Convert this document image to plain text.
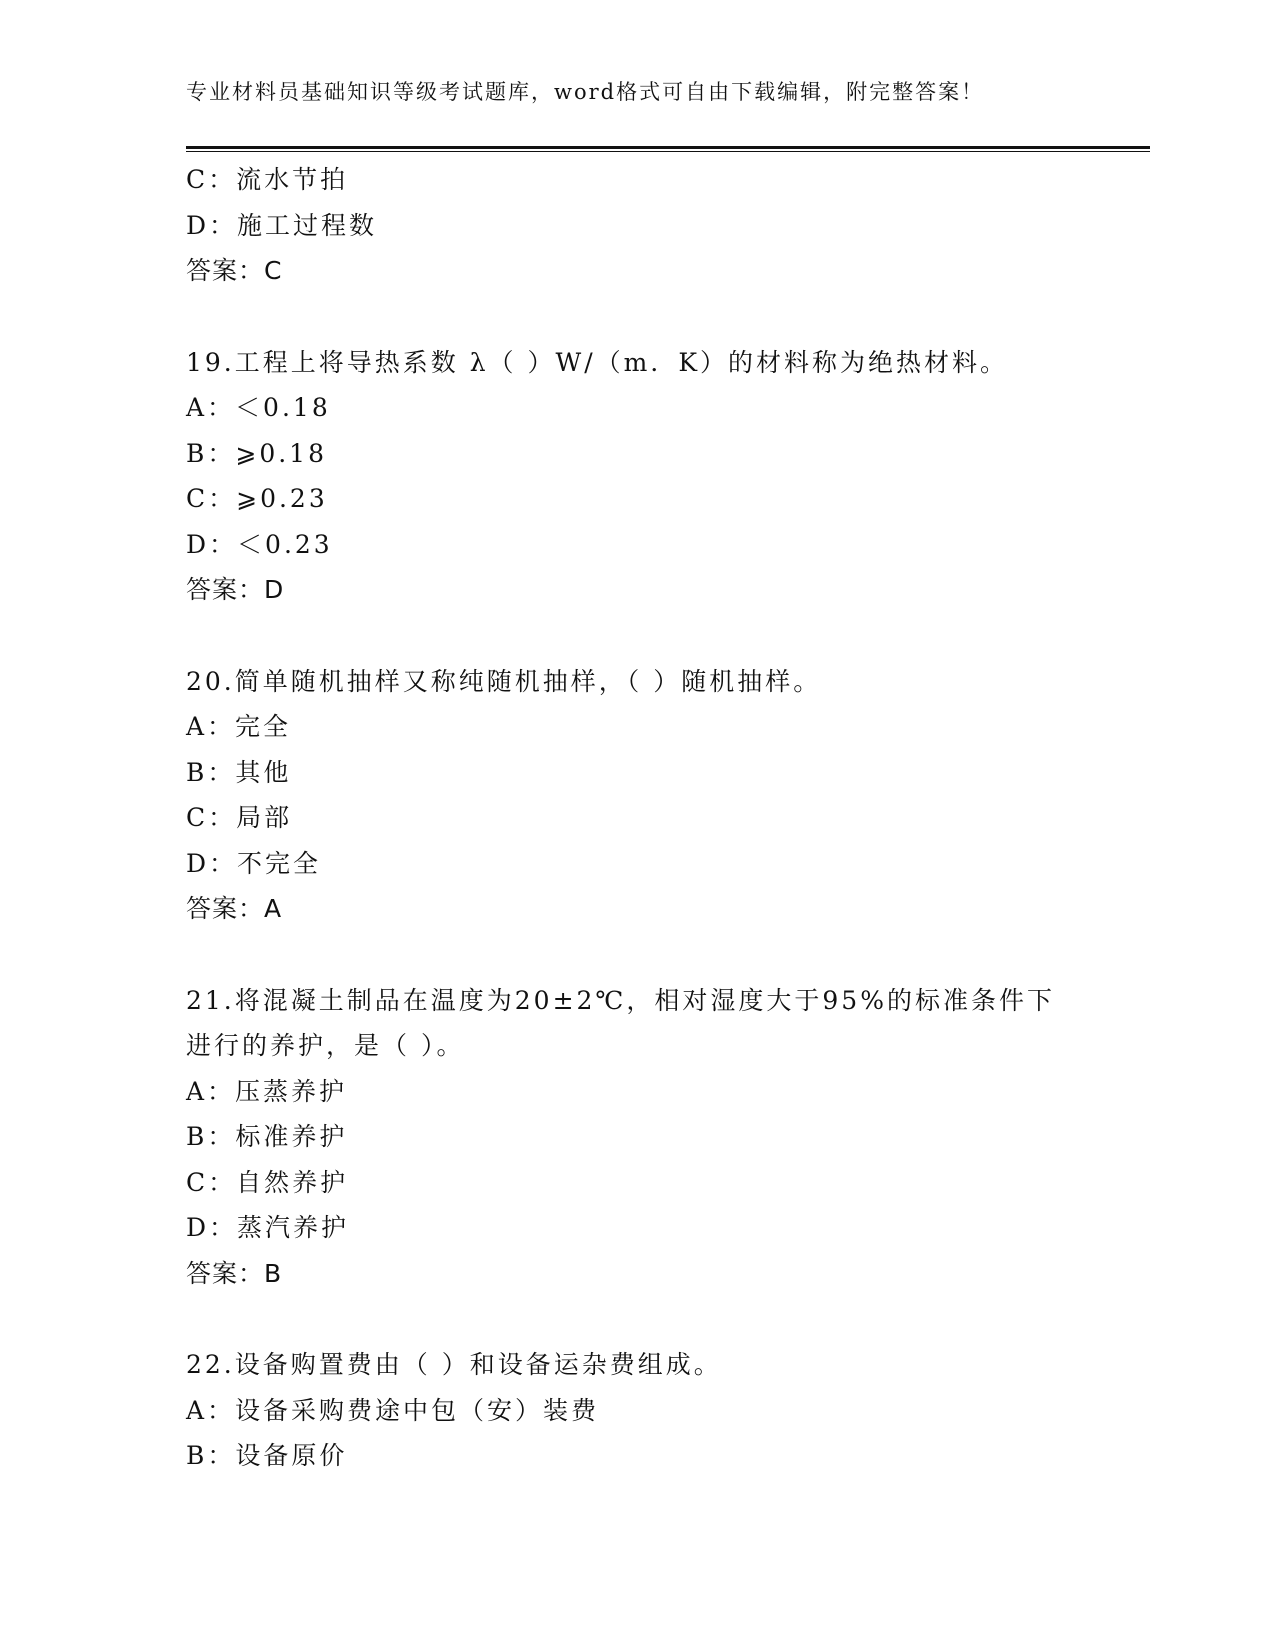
专业材料员基础知识等级考试题库，word格式可自由下载编辑，附完整答案！
C：流水节拍
D：施工过程数
答案：C
19.工程上将导热系数 λ（ ）W/（m．K）的材料称为绝热材料。
A：＜0.18
B：⩾0.18
C：⩾0.23
D：＜0.23
答案：D
20.简单随机抽样又称纯随机抽样，（ ）随机抽样。
A：完全
B：其他
C：局部
D：不完全
答案：A
21.将混凝土制品在温度为20±2℃，相对湿度大于95%的标准条件下
进行的养护，是（ ）。
A：压蒸养护
B：标准养护
C：自然养护
D：蒸汽养护
答案：B
22.设备购置费由（ ）和设备运杂费组成。
A：设备采购费途中包（安）装费
B：设备原价
